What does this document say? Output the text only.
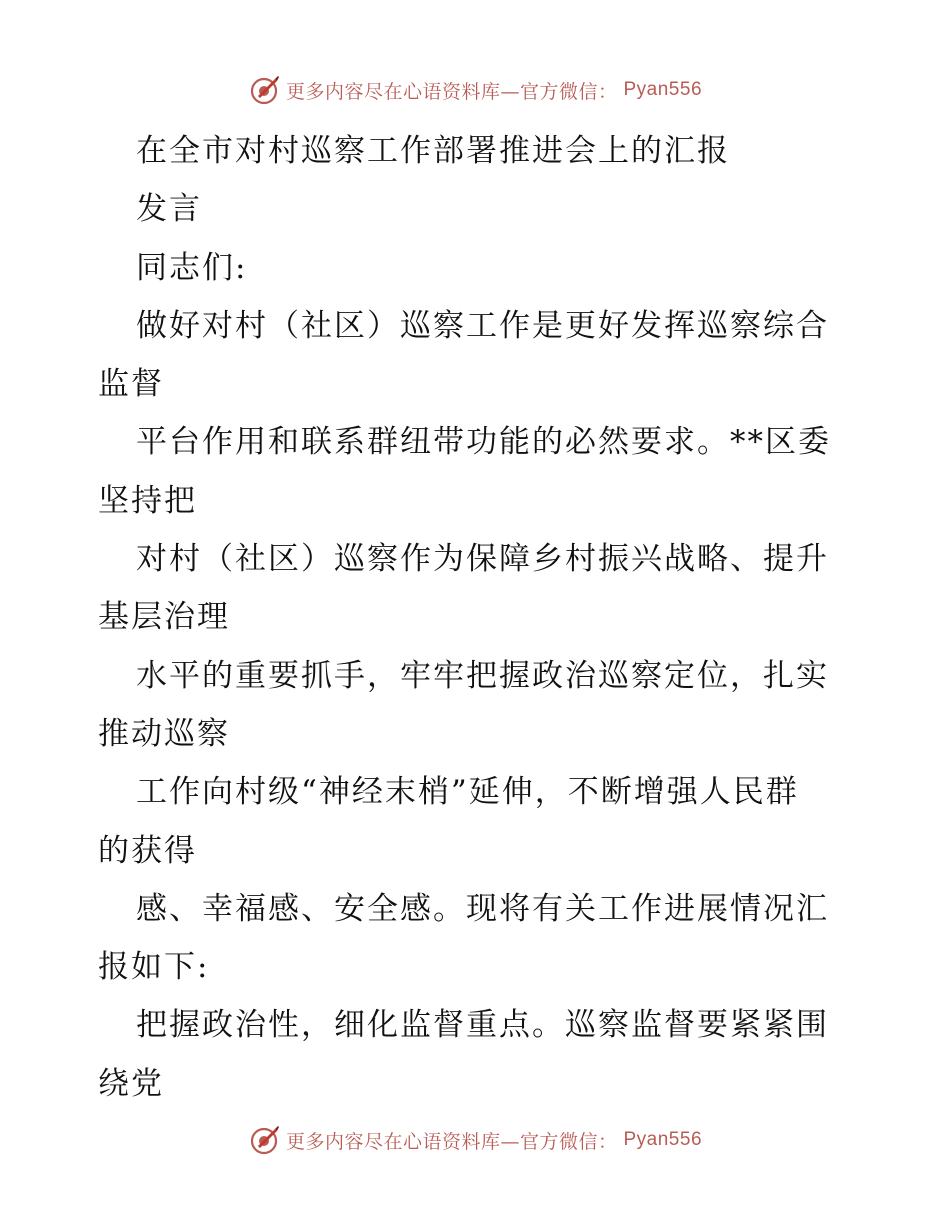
更多内容尽在心语资料库—官方微信： Pyan556
在全市对村巡察工作部署推进会上的汇报
发言
同志们:
做好对村（社区）巡察工作是更好发挥巡察综合
监督
平台作用和联系群纽带功能的必然要求。**区委
坚持把
对村（社区）巡察作为保障乡村振兴战略、提升
基层治理
水平的重要抓手，牢牢把握政治巡察定位，扎实
推动巡察
工作向村级“神经末梢”延伸，不断增强人民群
的获得
感、幸福感、安全感。现将有关工作进展情况汇
报如下:
把握政治性，细化监督重点。巡察监督要紧紧围
绕党
更多内容尽在心语资料库—官方微信： Pyan556
